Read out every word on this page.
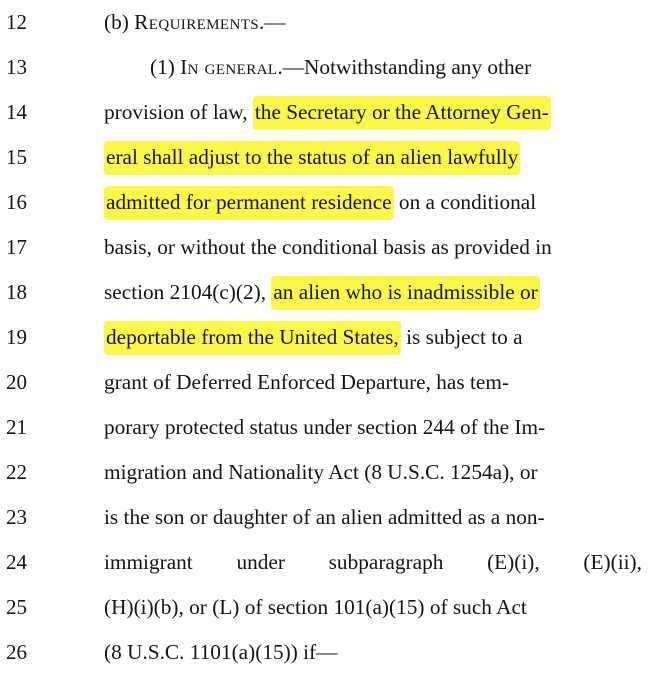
12	(b) Requirements.—
13	(1) In general.—Notwithstanding any other
14	provision of law, the Secretary or the Attorney Gen-
15	eral shall adjust to the status of an alien lawfully
16	admitted for permanent residence on a conditional
17	basis, or without the conditional basis as provided in
18	section 2104(c)(2), an alien who is inadmissible or
19	deportable from the United States, is subject to a
20	grant of Deferred Enforced Departure, has tem-
21	porary protected status under section 244 of the Im-
22	migration and Nationality Act (8 U.S.C. 1254a), or
23	is the son or daughter of an alien admitted as a non-
24	immigrant under subparagraph (E)(i), (E)(ii),
25	(H)(i)(b), or (L) of section 101(a)(15) of such Act
26	(8 U.S.C. 1101(a)(15)) if—
